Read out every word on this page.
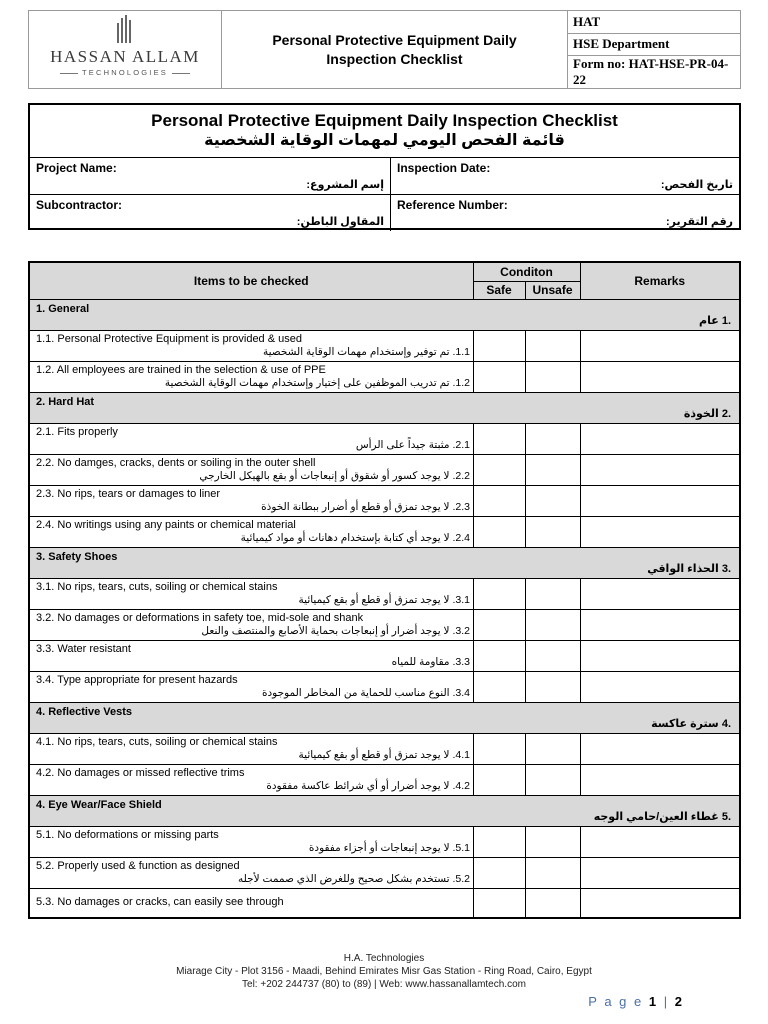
HASSAN ALLAM
TECHNOLOGIES
Personal Protective Equipment Daily
Inspection Checklist
HAT
HSE Department
Form no: HAT-HSE-PR-04-22
Personal Protective Equipment Daily Inspection Checklist
قائمة الفحص اليومي لمهمات الوقاية الشخصية
Project Name:
إسم المشروع:
Inspection Date:
تاريخ الفحص:
Subcontractor:
المقاول الباطن:
Reference Number:
رقم التقرير:
Items to be checked	Conditon		Remarks
	Safe	Unsafe	

1. General
.1 عام			

1.1. Personal Protective Equipment is provided & used
1.1. تم توفير وإستخدام مهمات الوقاية الشخصية			

1.2. All employees are trained in the selection & use of PPE
1.2. تم تدريب الموظفين على إختيار وإستخدام مهمات الوقاية الشخصية			

2. Hard Hat
.2 الخوذة			

2.1. Fits properly
2.1. مثبتة جيداً على الرأس			

2.2. No damges, cracks, dents or soiling in the outer shell
2.2. لا يوجد كسور أو شقوق أو إنبعاجات أو بقع بالهيكل الخارجي			

2.3. No rips, tears or damages to liner
2.3. لا يوجد تمزق أو قطع أو أضرار ببطانة الخوذة			

2.4. No writings using any paints or chemical material
2.4. لا يوجد أي كتابة بإستخدام دهانات أو مواد كيميائية			

3. Safety Shoes
.3 الحذاء الواقي			

3.1. No rips, tears, cuts, soiling or chemical stains
3.1. لا يوجد تمزق أو قطع أو بقع كيميائية			

3.2. No damages or deformations in safety toe, mid-sole and shank
3.2. لا يوجد أضرار أو إنبعاجات بحماية الأصابع والمنتصف والنعل			

3.3. Water resistant
3.3. مقاومة للمياه			

3.4. Type appropriate for present hazards
3.4. النوع مناسب للحماية من المخاطر الموجودة			

4. Reflective Vests
.4 سترة عاكسة			

4.1. No rips, tears, cuts, soiling or chemical stains
4.1. لا يوجد تمزق أو قطع أو بقع كيميائية			

4.2. No damages or missed reflective trims
4.2. لا يوجد أضرار أو أي شرائط عاكسة مفقودة			

4. Eye Wear/Face Shield
.5 غطاء العين/حامي الوجه			

5.1. No deformations or missing parts
5.1. لا يوجد إنبعاجات أو أجزاء مفقودة			

5.2. Properly used & function as designed
5.2. تستخدم بشكل صحيح وللغرض الذي صممت لأجله			

5.3. No damages or cracks, can easily see through			

H.A. Technologies
Miarage City - Plot 3156 - Maadi, Behind Emirates Misr Gas Station - Ring Road, Cairo, Egypt
Tel: +202 244737 (80) to (89) | Web: www.hassanallamtech.com
P a g e 1 | 2
